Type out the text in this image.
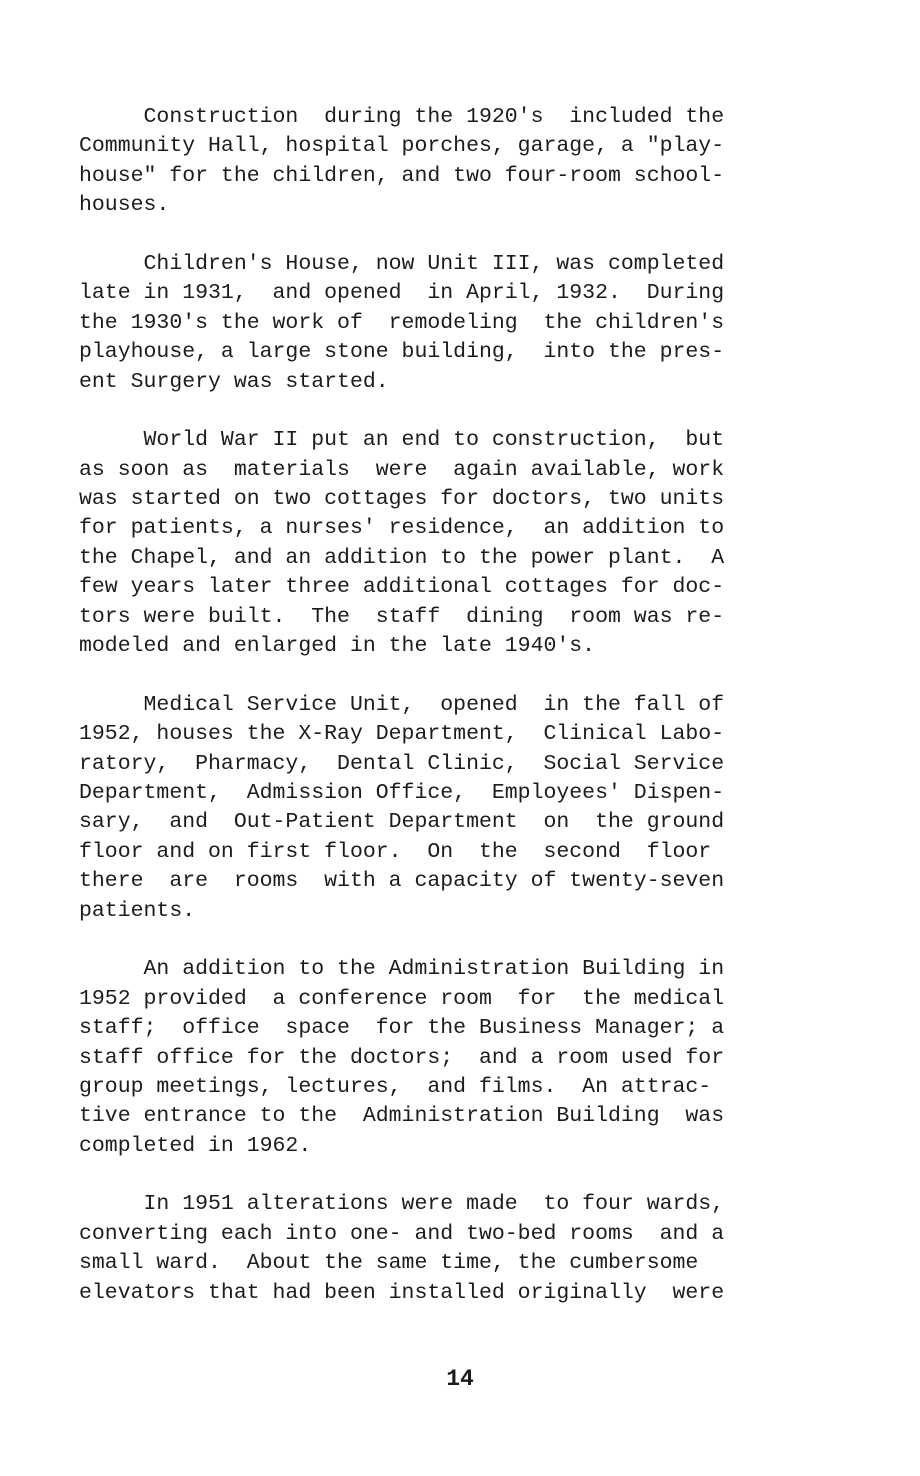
Construction  during the 1920's  included the
Community Hall, hospital porches, garage, a "play-
house" for the children, and two four-room school-
houses.
Children's House, now Unit III, was completed
late in 1931,  and opened  in April, 1932.  During
the 1930's the work of  remodeling  the children's
playhouse, a large stone building,  into the pres-
ent Surgery was started.
World War II put an end to construction,  but
as soon as  materials  were  again available, work
was started on two cottages for doctors, two units
for patients, a nurses' residence,  an addition to
the Chapel, and an addition to the power plant.  A
few years later three additional cottages for doc-
tors were built.  The  staff  dining  room was re-
modeled and enlarged in the late 1940's.
Medical Service Unit,  opened  in the fall of
1952, houses the X-Ray Department,  Clinical Labo-
ratory,  Pharmacy,  Dental Clinic,  Social Service
Department,  Admission Office,  Employees' Dispen-
sary,  and  Out-Patient Department  on  the ground
floor and on first floor.  On  the  second  floor
there  are  rooms  with a capacity of twenty-seven
patients.
An addition to the Administration Building in
1952 provided  a conference room  for  the medical
staff;  office  space  for the Business Manager; a
staff office for the doctors;  and a room used for
group meetings, lectures,  and films.  An attrac-
tive entrance to the  Administration Building  was
completed in 1962.
In 1951 alterations were made  to four wards,
converting each into one- and two-bed rooms  and a
small ward.  About the same time, the cumbersome
elevators that had been installed originally  were
14
